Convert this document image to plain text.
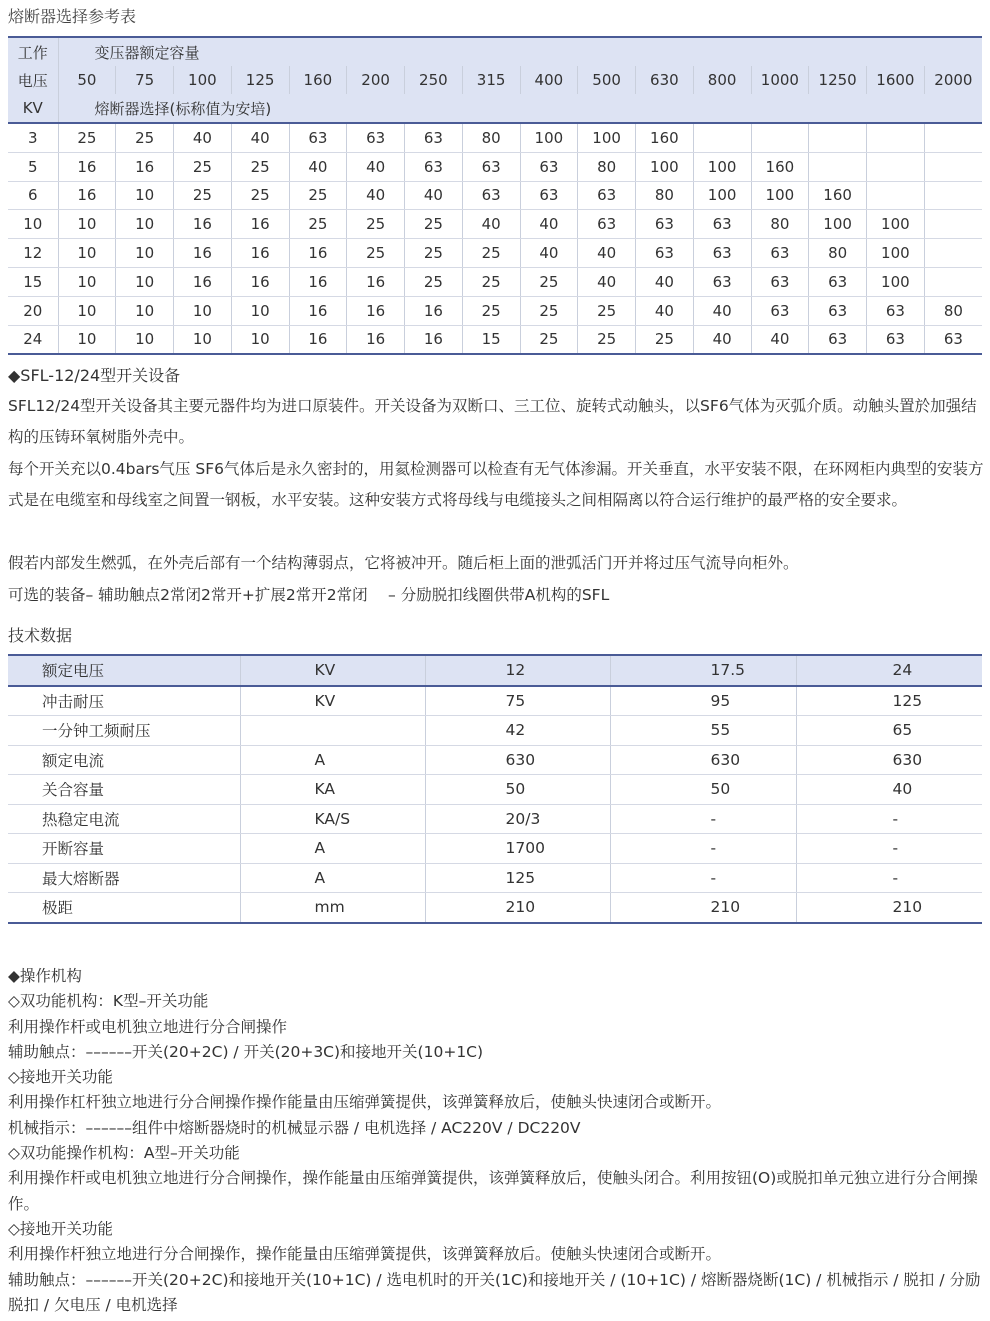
熔断器选择参考表
工作	变压器额定容量															
电压	50	75	100	125	160	200	250	315	400	500	630	800	1000	1250	1600	2000
KV	熔断器选择(标称值为安培)															
3	25	25	40	40	63	63	63	80	100	100	160					
5	16	16	25	25	40	40	63	63	63	80	100	100	160			
6	16	10	25	25	25	40	40	63	63	63	80	100	100	160		
10	10	10	16	16	25	25	25	40	40	63	63	63	80	100	100	
12	10	10	16	16	16	25	25	25	40	40	63	63	63	80	100	
15	10	10	16	16	16	16	25	25	25	40	40	63	63	63	100	
20	10	10	10	10	16	16	16	25	25	25	40	40	63	63	63	80
24	10	10	10	10	16	16	16	15	25	25	25	40	40	63	63	63
◆SFL-12/24型开关设备
SFL12/24型开关设备其主要元器件均为进口原装件。开关设备为双断口、三工位、旋转式动触头，以SF6气体为灭弧介质。动触头置於加强结构的压铸环氧树脂外壳中。
每个开关充以0.4bars气压 SF6气体后是永久密封的，用氦检测器可以检查有无气体渗漏。开关垂直，水平安装不限，在环网柜内典型的安装方式是在电缆室和母线室之间置一钢板，水平安装。这种安装方式将母线与电缆接头之间相隔离以符合运行维护的最严格的安全要求。
假若内部发生燃弧，在外壳后部有一个结构薄弱点，它将被冲开。随后柜上面的泄弧活门开并将过压气流导向柜外。
可选的装备– 辅助触点2常闭2常开+扩展2常开2常闭　 – 分励脱扣线圈供带A机构的SFL
技术数据
额定电压	KV	12	17.5	24
冲击耐压	KV	75	95	125
一分钟工频耐压		42	55	65
额定电流	A	630	630	630
关合容量	KA	50	50	40
热稳定电流	KA/S	20/3	-	-
开断容量	A	1700	-	-
最大熔断器	A	125	-	-
极距	mm	210	210	210
◆操作机构
◇双功能机构：K型–开关功能
利用操作杆或电机独立地进行分合闸操作
辅助触点：––––––开关(20+2C) / 开关(20+3C)和接地开关(10+1C)
◇接地开关功能
利用操作杠杆独立地进行分合闸操作操作能量由压缩弹簧提供，该弹簧释放后，使触头快速闭合或断开。
机械指示：––––––组件中熔断器烧时的机械显示器 / 电机选择 / AC220V / DC220V
◇双功能操作机构：A型–开关功能
利用操作杆或电机独立地进行分合闸操作，操作能量由压缩弹簧提供，该弹簧释放后，使触头闭合。利用按钮(O)或脱扣单元独立进行分合闸操作。
◇接地开关功能
利用操作杆独立地进行分合闸操作，操作能量由压缩弹簧提供，该弹簧释放后。使触头快速闭合或断开。
辅助触点：––––––开关(20+2C)和接地开关(10+1C) / 选电机时的开关(1C)和接地开关 / (10+1C) / 熔断器烧断(1C) / 机械指示 / 脱扣 / 分励脱扣 / 欠电压 / 电机选择
